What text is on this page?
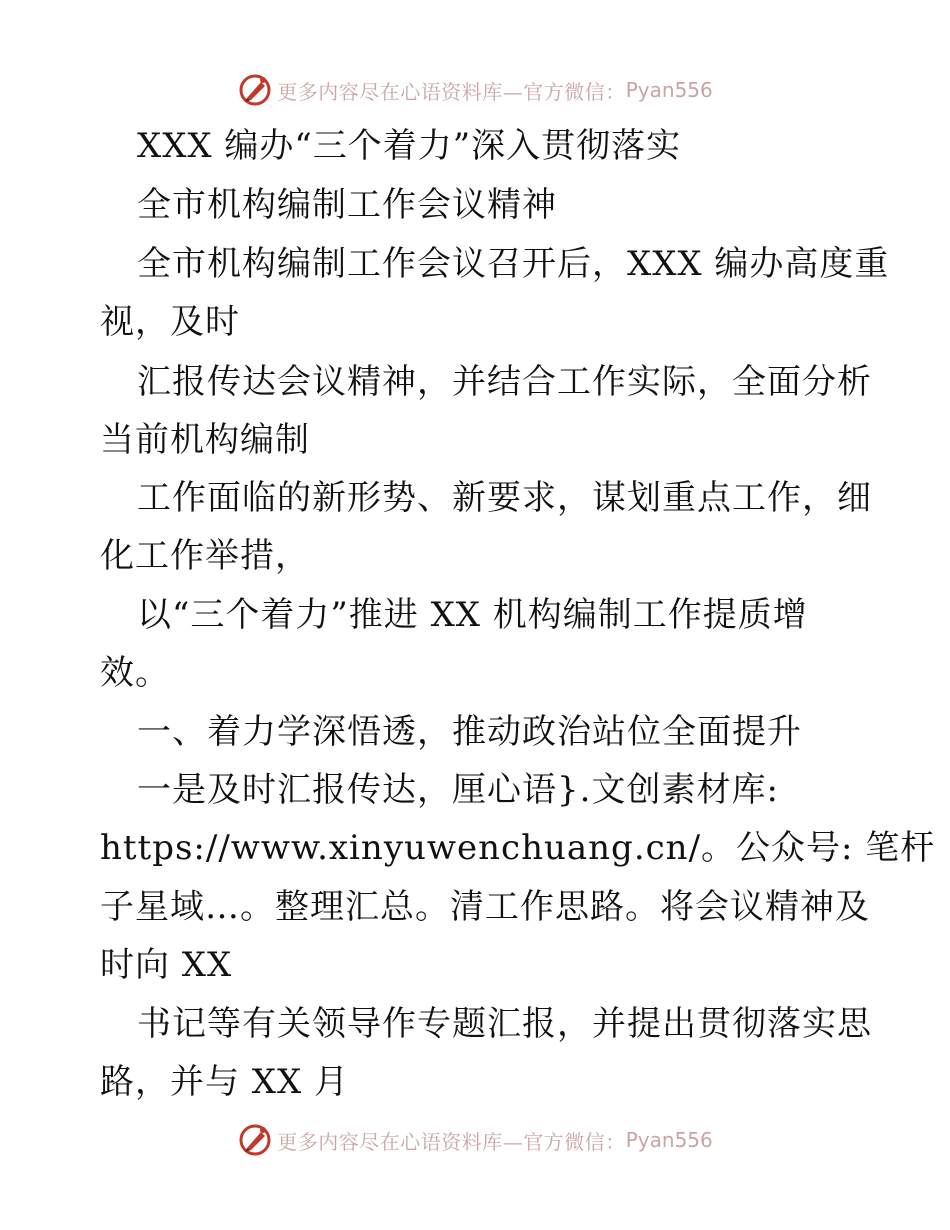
更多内容尽在心语资料库—官方微信： Pyan556
XXX 编办“三个着力”深入贯彻落实
全市机构编制工作会议精神
全市机构编制工作会议召开后，XXX 编办高度重
视，及时
汇报传达会议精神，并结合工作实际，全面分析
当前机构编制
工作面临的新形势、新要求，谋划重点工作，细
化工作举措，
以“三个着力”推进 XX 机构编制工作提质增
效。
一、着力学深悟透，推动政治站位全面提升
一是及时汇报传达，厘心语}.文创素材库:
https://www.xinyuwenchuang.cn/。公众号: 笔杆
子星域…。整理汇总。清工作思路。将会议精神及
时向 XX
书记等有关领导作专题汇报，并提出贯彻落实思
路，并与 XX 月
更多内容尽在心语资料库—官方微信： Pyan556
